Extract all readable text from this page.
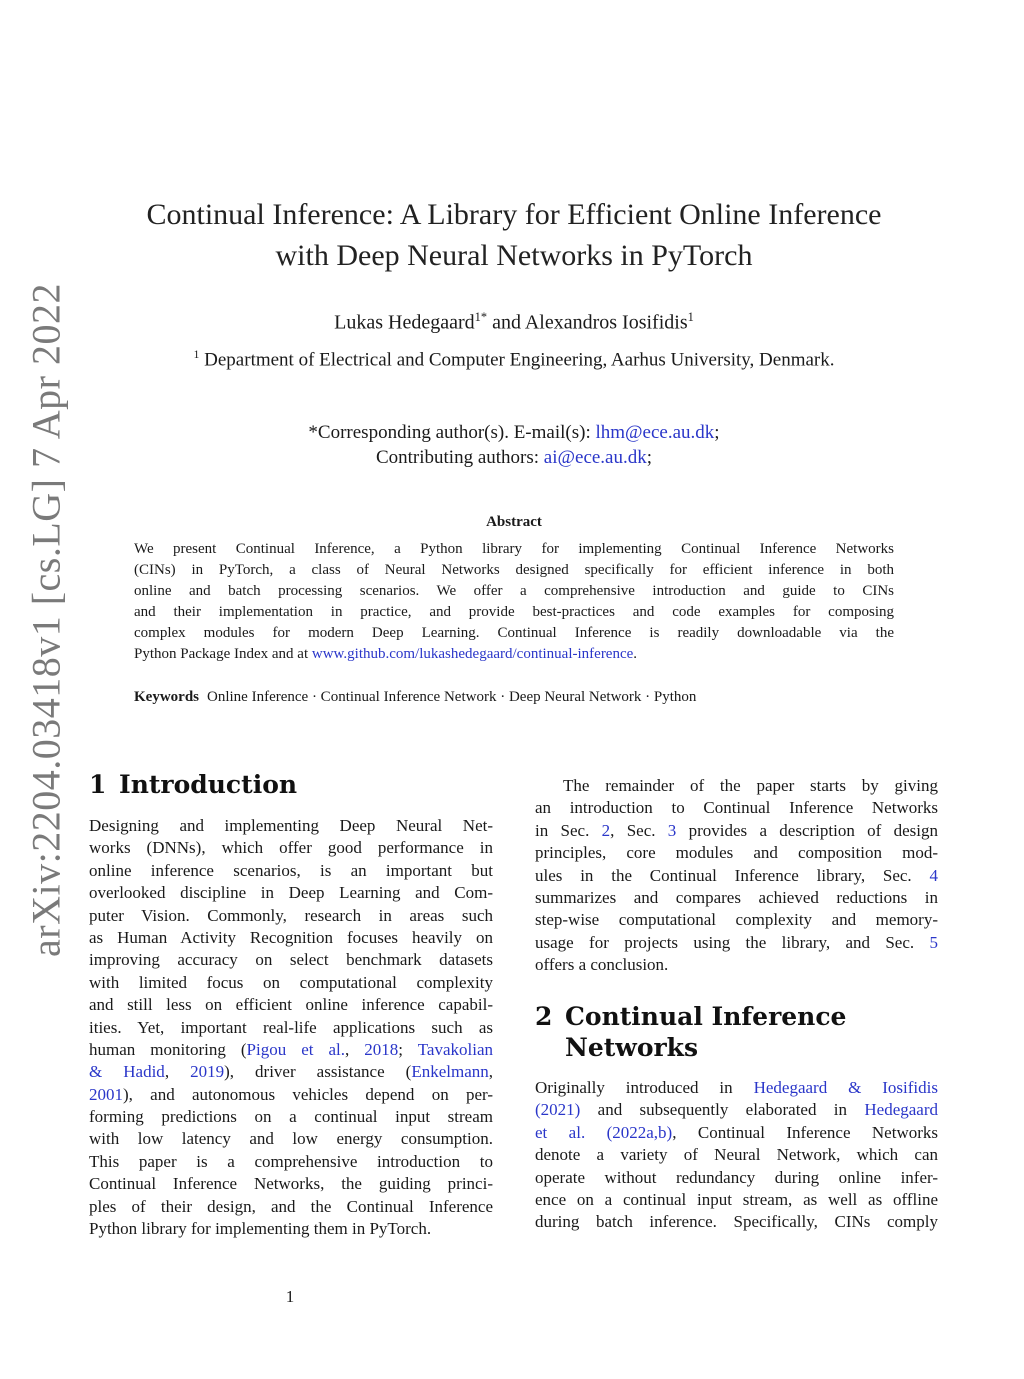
arXiv:2204.03418v1 [cs.LG] 7 Apr 2022
Continual Inference: A Library for Efficient Online Inference
with Deep Neural Networks in PyTorch
Lukas Hedegaard$^{1*}$ and Alexandros Iosifidis$^1$
$^1$ Department of Electrical and Computer Engineering, Aarhus University, Denmark.
*Corresponding author(s). E-mail(s): lhm@ece.au.dk;
Contributing authors: ai@ece.au.dk;
Abstract
We present Continual Inference, a Python library for implementing Continual Inference Networks
(CINs) in PyTorch, a class of Neural Networks designed specifically for efficient inference in both
online and batch processing scenarios. We offer a comprehensive introduction and guide to CINs
and their implementation in practice, and provide best-practices and code examples for composing
complex modules for modern Deep Learning. Continual Inference is readily downloadable via the
Python Package Index and at www.github.com/lukashedegaard/continual-inference.
Keywords Online Inference · Continual Inference Network · Deep Neural Network · Python
1 Introduction
Designing and implementing Deep Neural Net-
works (DNNs), which offer good performance in
online inference scenarios, is an important but
overlooked discipline in Deep Learning and Com-
puter Vision. Commonly, research in areas such
as Human Activity Recognition focuses heavily on
improving accuracy on select benchmark datasets
with limited focus on computational complexity
and still less on efficient online inference capabil-
ities. Yet, important real-life applications such as
human monitoring (Pigou et al., 2018; Tavakolian
& Hadid, 2019), driver assistance (Enkelmann,
2001), and autonomous vehicles depend on per-
forming predictions on a continual input stream
with low latency and low energy consumption.
This paper is a comprehensive introduction to
Continual Inference Networks, the guiding princi-
ples of their design, and the Continual Inference
Python library for implementing them in PyTorch.
The remainder of the paper starts by giving
an introduction to Continual Inference Networks
in Sec. 2, Sec. 3 provides a description of design
principles, core modules and composition mod-
ules in the Continual Inference library, Sec. 4
summarizes and compares achieved reductions in
step-wise computational complexity and memory-
usage for projects using the library, and Sec. 5
offers a conclusion.
2 Continual Inference
Networks
Originally introduced in Hedegaard & Iosifidis
(2021) and subsequently elaborated in Hedegaard
et al. (2022a,b), Continual Inference Networks
denote a variety of Neural Network, which can
operate without redundancy during online infer-
ence on a continual input stream, as well as offline
during batch inference. Specifically, CINs comply
1
